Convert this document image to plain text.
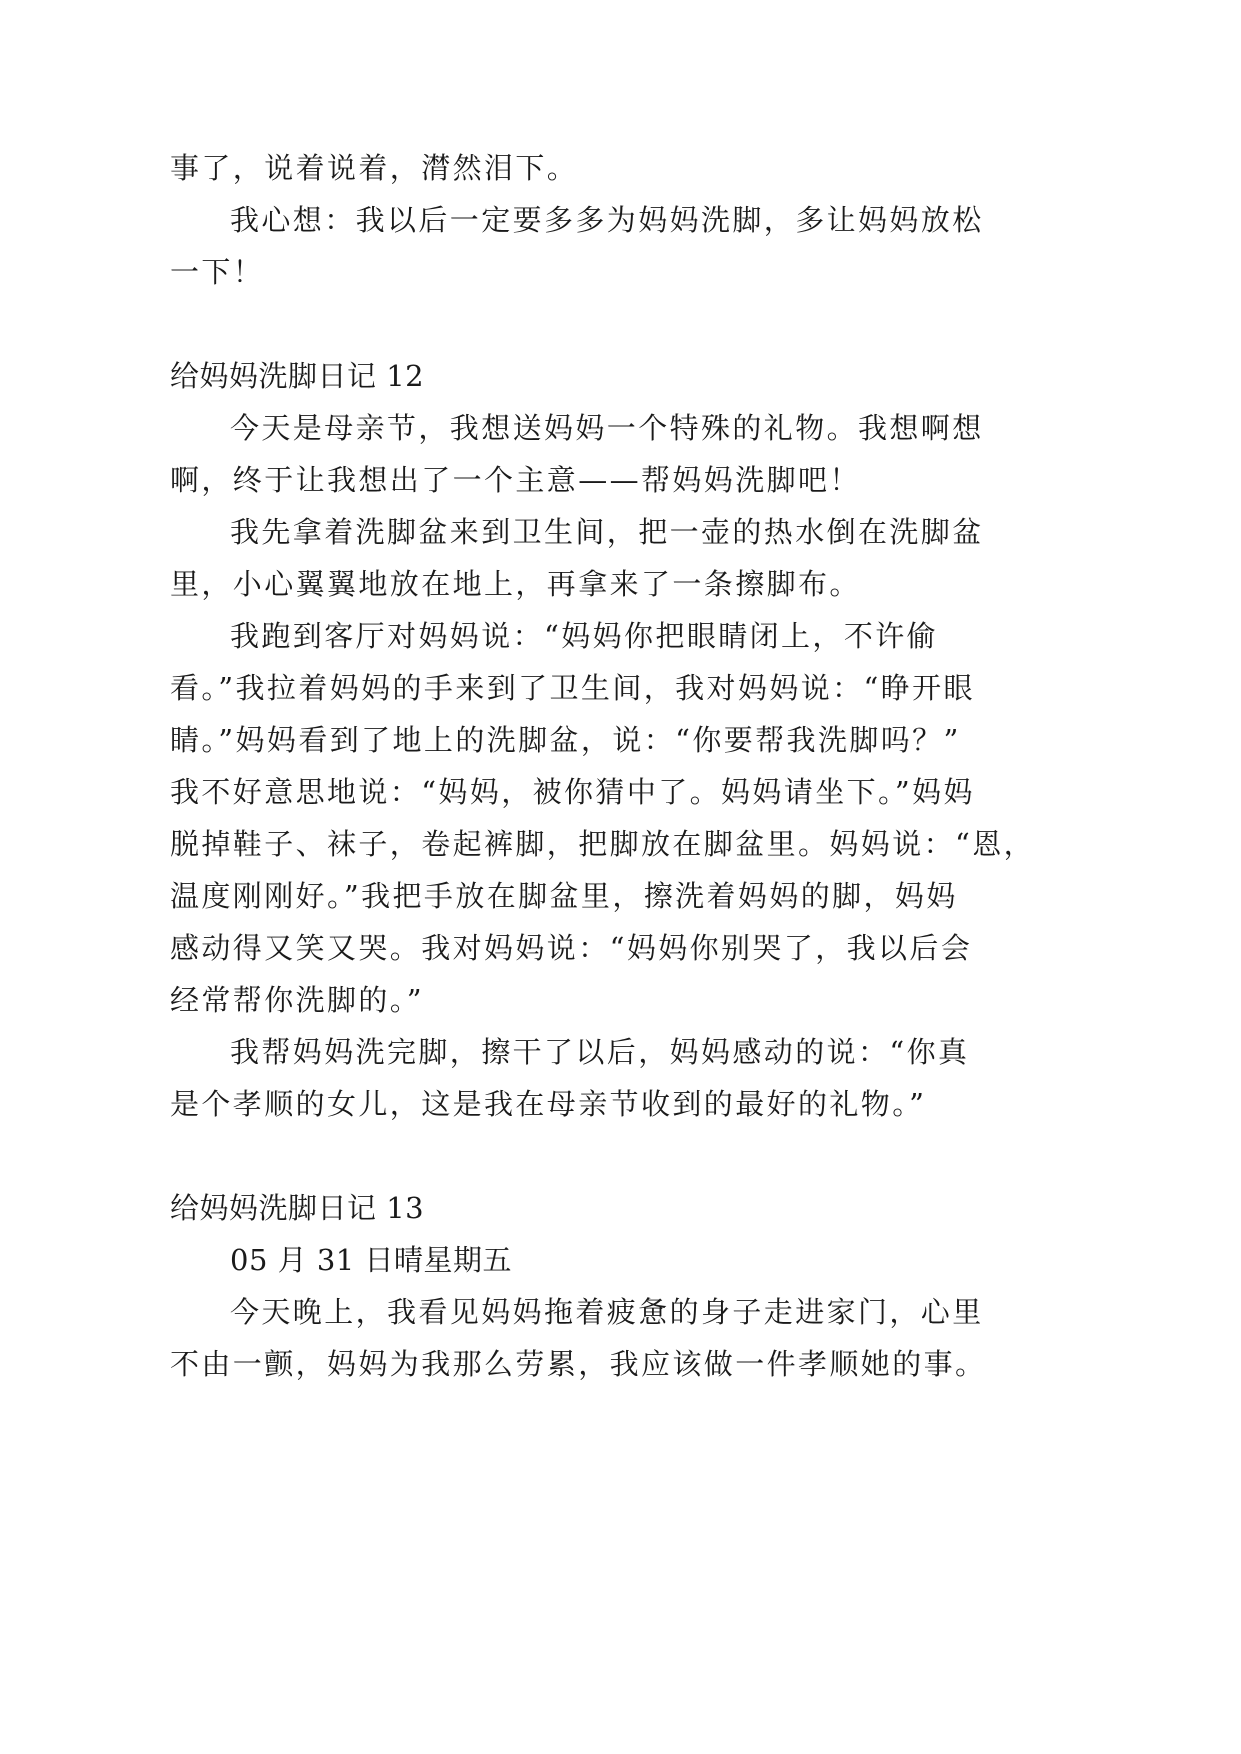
事了，说着说着，潸然泪下。
我心想：我以后一定要多多为妈妈洗脚，多让妈妈放松
一下！
给妈妈洗脚日记 12
今天是母亲节，我想送妈妈一个特殊的礼物。我想啊想
啊，终于让我想出了一个主意——帮妈妈洗脚吧！
我先拿着洗脚盆来到卫生间，把一壶的热水倒在洗脚盆
里，小心翼翼地放在地上，再拿来了一条擦脚布。
我跑到客厅对妈妈说：“妈妈你把眼睛闭上，不许偷
看。”我拉着妈妈的手来到了卫生间，我对妈妈说：“睁开眼
睛。”妈妈看到了地上的洗脚盆，说：“你要帮我洗脚吗？”
我不好意思地说：“妈妈，被你猜中了。妈妈请坐下。”妈妈
脱掉鞋子、袜子，卷起裤脚，把脚放在脚盆里。妈妈说：“恩，
温度刚刚好。”我把手放在脚盆里，擦洗着妈妈的脚，妈妈
感动得又笑又哭。我对妈妈说：“妈妈你别哭了，我以后会
经常帮你洗脚的。”
我帮妈妈洗完脚，擦干了以后，妈妈感动的说：“你真
是个孝顺的女儿，这是我在母亲节收到的最好的礼物。”
给妈妈洗脚日记 13
05 月 31 日晴星期五
今天晚上，我看见妈妈拖着疲惫的身子走进家门，心里
不由一颤，妈妈为我那么劳累，我应该做一件孝顺她的事。
